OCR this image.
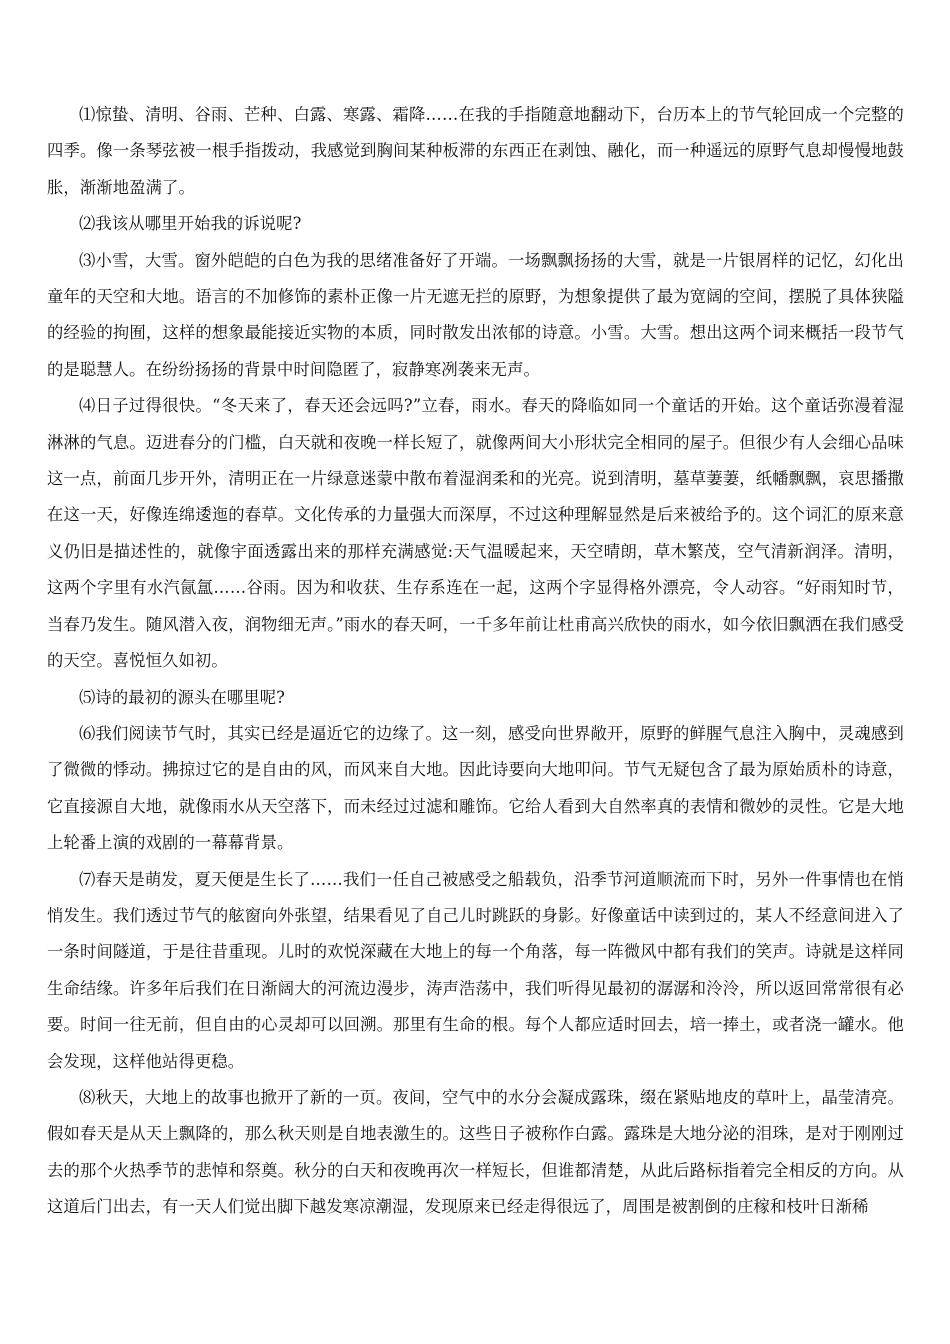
⑴惊蛰、清明、谷雨、芒种、白露、寒露、霜降……在我的手指随意地翻动下，台历本上的节气轮回成一个完整的四季。像一条琴弦被一根手指拨动，我感觉到胸间某种板滞的东西正在剥蚀、融化，而一种遥远的原野气息却慢慢地鼓胀，渐渐地盈满了。

⑵我该从哪里开始我的诉说呢?

⑶小雪，大雪。窗外皑皑的白色为我的思绪准备好了开端。一场飘飘扬扬的大雪，就是一片银屑样的记忆，幻化出童年的天空和大地。语言的不加修饰的素朴正像一片无遮无拦的原野，为想象提供了最为宽阔的空间，摆脱了具体狭隘的经验的拘囿，这样的想象最能接近实物的本质，同时散发出浓郁的诗意。小雪。大雪。想出这两个词来概括一段节气的是聪慧人。在纷纷扬扬的背景中时间隐匿了，寂静寒冽袭来无声。

⑷日子过得很快。“冬天来了，春天还会远吗?”立春，雨水。春天的降临如同一个童话的开始。这个童话弥漫着湿淋淋的气息。迈进春分的门槛，白天就和夜晚一样长短了，就像两间大小形状完全相同的屋子。但很少有人会细心品味这一点，前面几步开外，清明正在一片绿意迷蒙中散布着湿润柔和的光亮。说到清明，墓草萋萋，纸幡飘飘，哀思播撒在这一天，好像连绵逶迤的春草。文化传承的力量强大而深厚，不过这种理解显然是后来被给予的。这个词汇的原来意义仍旧是描述性的，就像宇面透露出来的那样充满感觉:天气温暖起来，天空晴朗，草木繁茂，空气清新润泽。清明，这两个字里有水汽氤氲……谷雨。因为和收获、生存系连在一起，这两个字显得格外漂亮，令人动容。“好雨知时节，当春乃发生。随风潜入夜，润物细无声。”雨水的春天呵，一千多年前让杜甫高兴欣快的雨水，如今依旧飘洒在我们感受的天空。喜悦恒久如初。

⑸诗的最初的源头在哪里呢?

⑹我们阅读节气时，其实已经是逼近它的边缘了。这一刻，感受向世界敞开，原野的鲜腥气息注入胸中，灵魂感到了微微的悸动。拂掠过它的是自由的风，而风来自大地。因此诗要向大地叩问。节气无疑包含了最为原始质朴的诗意，它直接源自大地，就像雨水从天空落下，而未经过过滤和雕饰。它给人看到大自然率真的表情和微妙的灵性。它是大地上轮番上演的戏剧的一幕幕背景。

⑺春天是萌发，夏天便是生长了……我们一任自己被感受之船载负，沿季节河道顺流而下时，另外一件事情也在悄悄发生。我们透过节气的舷窗向外张望，结果看见了自己儿时跳跃的身影。好像童话中读到过的，某人不经意间进入了一条时间隧道，于是往昔重现。儿时的欢悦深藏在大地上的每一个角落，每一阵微风中都有我们的笑声。诗就是这样同生命结缘。许多年后我们在日渐阔大的河流边漫步，涛声浩荡中，我们听得见最初的潺潺和泠泠，所以返回常常很有必要。时间一往无前，但自由的心灵却可以回溯。那里有生命的根。每个人都应适时回去，培一捧土，或者浇一罐水。他会发现，这样他站得更稳。

⑻秋天，大地上的故事也掀开了新的一页。夜间，空气中的水分会凝成露珠，缀在紧贴地皮的草叶上，晶莹清亮。假如春天是从天上飘降的，那么秋天则是自地表激生的。这些日子被称作白露。露珠是大地分泌的泪珠，是对于刚刚过去的那个火热季节的悲悼和祭奠。秋分的白天和夜晚再次一样短长，但谁都清楚，从此后路标指着完全相反的方向。从这道后门出去，有一天人们觉出脚下越发寒凉潮湿，发现原来已经走得很远了，周围是被割倒的庄稼和枝叶日渐稀
